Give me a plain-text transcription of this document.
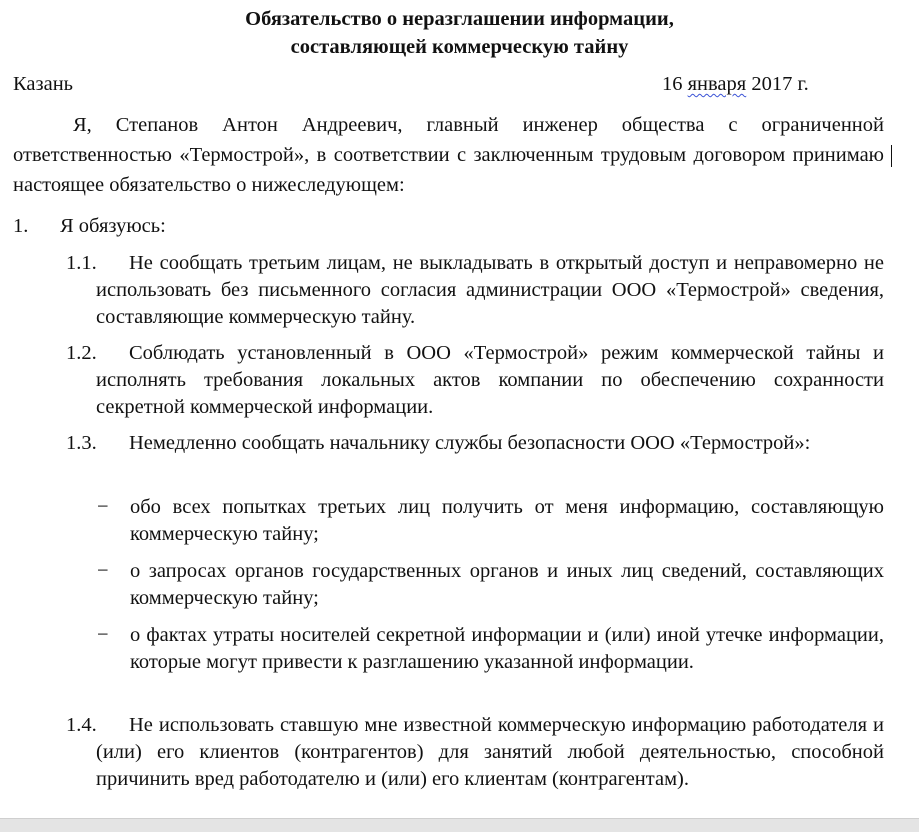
Обязательство о неразглашении информации,
составляющей коммерческую тайну
Казань	16 января 2017 г.
Я, Степанов Антон Андреевич, главный инженер общества с ограниченной ответственностью «Термострой», в соответствии с заключенным трудовым договором принимаю настоящее обязательство о нижеследующем:
1. Я обязуюсь:
1.1.	Не сообщать третьим лицам, не выкладывать в открытый доступ и неправомерно не использовать без письменного согласия администрации ООО «Термострой» сведения, составляющие коммерческую тайну.
1.2.	Соблюдать установленный в ООО «Термострой» режим коммерческой тайны и исполнять требования локальных актов компании по обеспечению сохранности секретной коммерческой информации.
1.3.	Немедленно сообщать начальнику службы безопасности ООО «Термострой»:
− обо всех попытках третьих лиц получить от меня информацию, составляющую коммерческую тайну;
− о запросах органов государственных органов и иных лиц сведений, составляющих коммерческую тайну;
− о фактах утраты носителей секретной информации и (или) иной утечке информации, которые могут привести к разглашению указанной информации.
1.4.	Не использовать ставшую мне известной коммерческую информацию работодателя и (или) его клиентов (контрагентов) для занятий любой деятельностью, способной причинить вред работодателю и (или) его клиентам (контрагентам).
